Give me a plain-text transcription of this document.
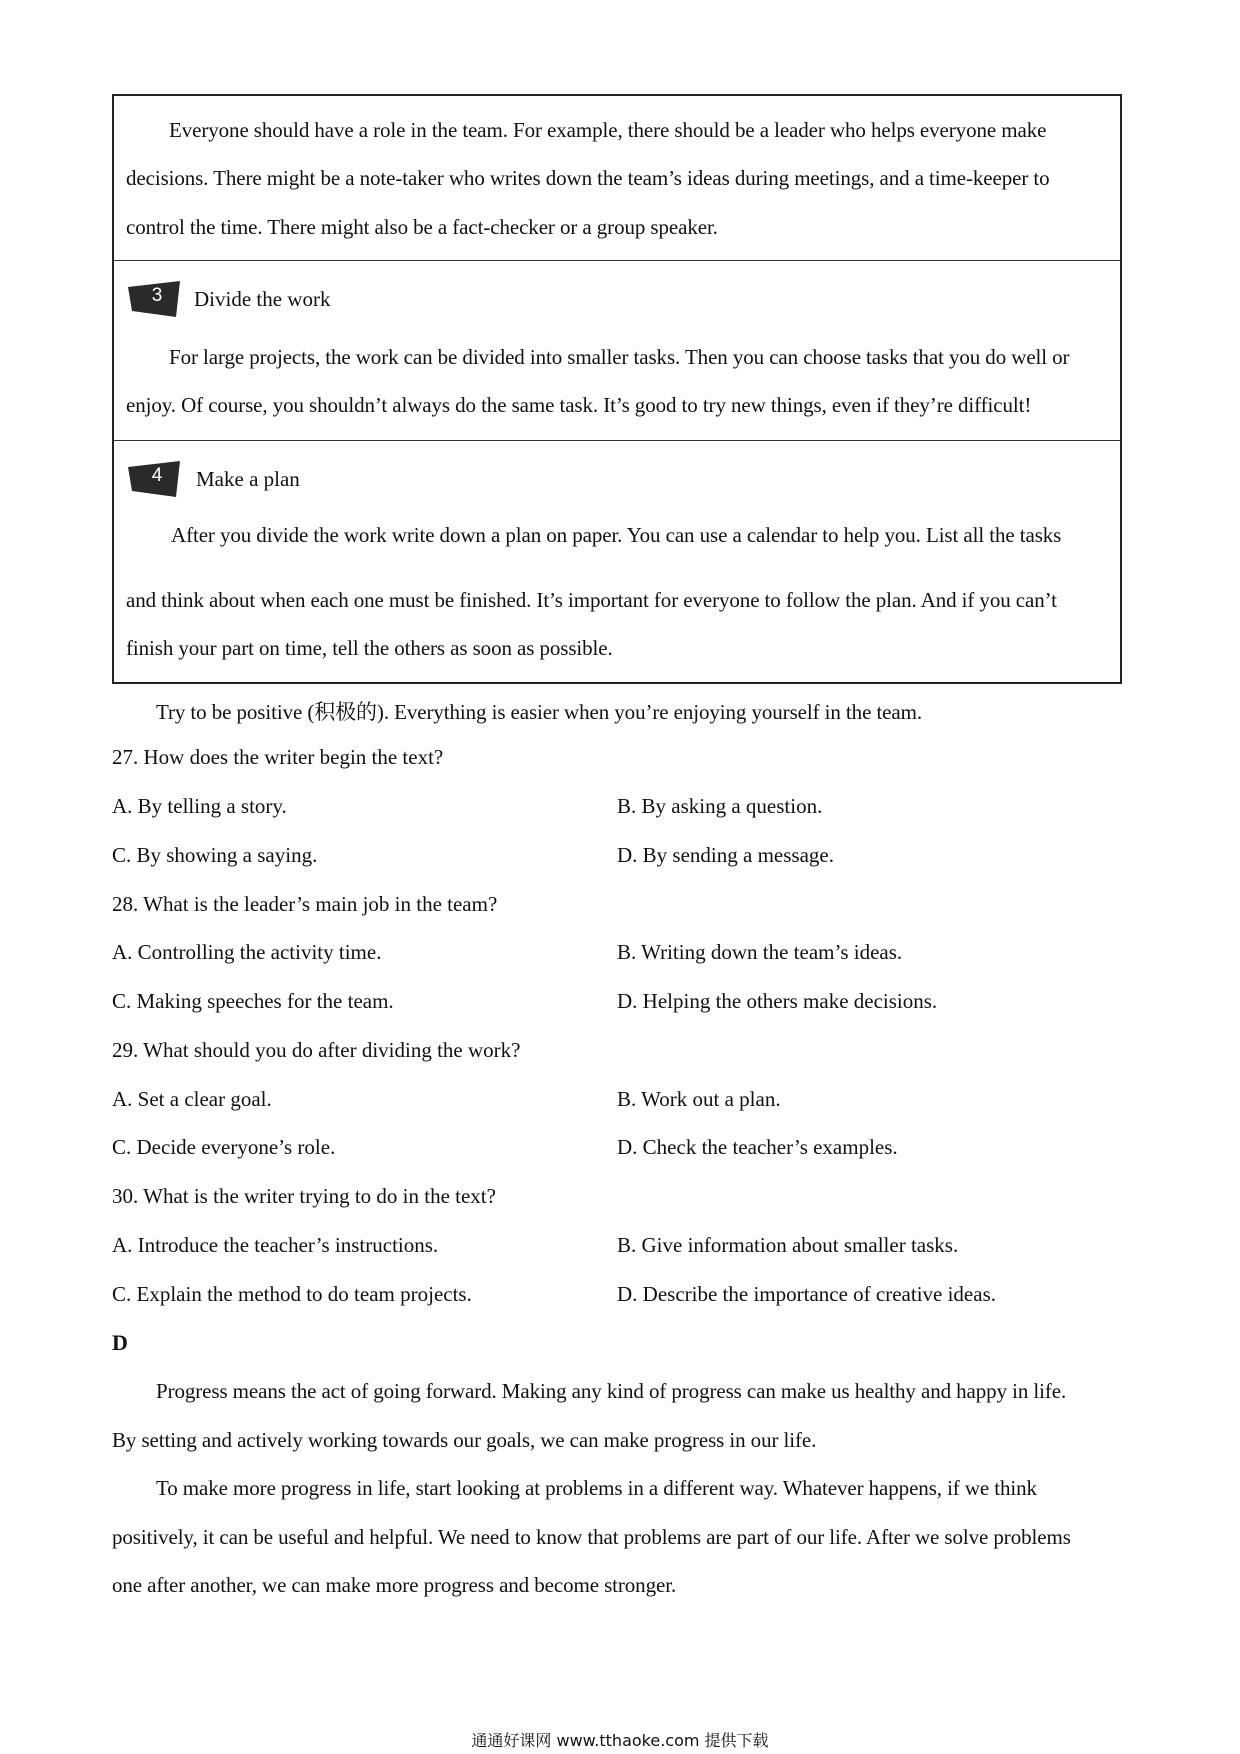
Everyone should have a role in the team. For example, there should be a leader who helps everyone make
decisions. There might be a note-taker who writes down the team’s ideas during meetings, and a time-keeper to
control the time. There might also be a fact-checker or a group speaker.
3 Divide the work
For large projects, the work can be divided into smaller tasks. Then you can choose tasks that you do well or
enjoy. Of course, you shouldn’t always do the same task. It’s good to try new things, even if they’re difficult!
4 Make a plan
After you divide the work write down a plan on paper. You can use a calendar to help you. List all the tasks
and think about when each one must be finished. It’s important for everyone to follow the plan. And if you can’t
finish your part on time, tell the others as soon as possible.
Try to be positive (积极的). Everything is easier when you’re enjoying yourself in the team.
27. How does the writer begin the text?
A. By telling a story.	B. By asking a question.
C. By showing a saying.	D. By sending a message.
28. What is the leader’s main job in the team?
A. Controlling the activity time.	B. Writing down the team’s ideas.
C. Making speeches for the team.	D. Helping the others make decisions.
29. What should you do after dividing the work?
A. Set a clear goal.	B. Work out a plan.
C. Decide everyone’s role.	D. Check the teacher’s examples.
30. What is the writer trying to do in the text?
A. Introduce the teacher’s instructions.	B. Give information about smaller tasks.
C. Explain the method to do team projects.	D. Describe the importance of creative ideas.
D
Progress means the act of going forward. Making any kind of progress can make us healthy and happy in life.
By setting and actively working towards our goals, we can make progress in our life.
To make more progress in life, start looking at problems in a different way. Whatever happens, if we think
positively, it can be useful and helpful. We need to know that problems are part of our life. After we solve problems
one after another, we can make more progress and become stronger.
通通好课网 www.tthaoke.com 提供下载
